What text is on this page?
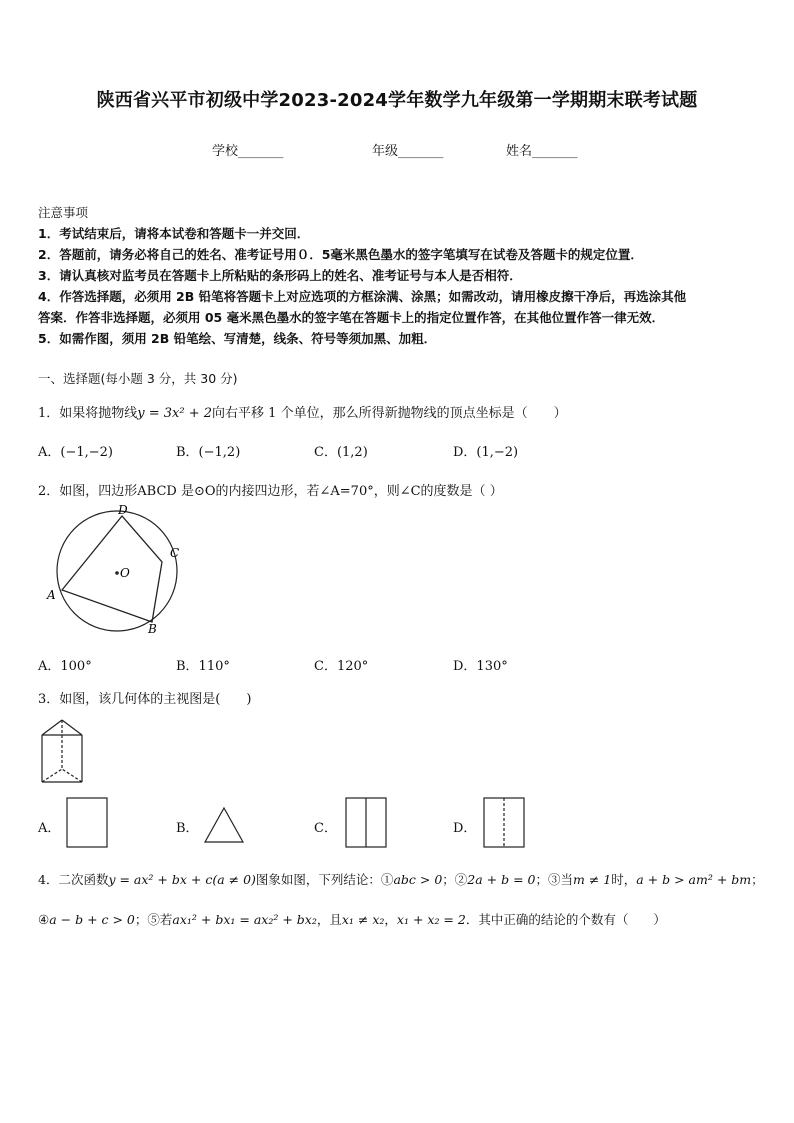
陕西省兴平市初级中学2023-2024学年数学九年级第一学期期末联考试题
学校_______	年级_______	姓名_______
注意事项
1．考试结束后，请将本试卷和答题卡一并交回．
2．答题前，请务必将自己的姓名、准考证号用０．5毫米黑色墨水的签字笔填写在试卷及答题卡的规定位置．
3．请认真核对监考员在答题卡上所粘贴的条形码上的姓名、准考证号与本人是否相符．
4．作答选择题，必须用 2B 铅笔将答题卡上对应选项的方框涂满、涂黑；如需改动，请用橡皮擦干净后，再选涂其他
答案．作答非选择题，必须用 05 毫米黑色墨水的签字笔在答题卡上的指定位置作答，在其他位置作答一律无效．
5．如需作图，须用 2B 铅笔绘、写清楚，线条、符号等须加黑、加粗．
一、选择题(每小题 3 分，共 30 分)
1．如果将抛物线y = 3x² + 2向右平移 1 个单位，那么所得新抛物线的顶点坐标是（　　）
A．(−1,−2)	B．(−1,2)	C．(1,2)	D．(1,−2)
2．如图，四边形ABCD 是⊙O的内接四边形，若∠A=70°，则∠C的度数是（ ）
O
A
B
C
D
A．100°	B．110°	C．120°	D．130°
3．如图，该几何体的主视图是(　　)
A．	B．	C．	D．
4．二次函数y = ax² + bx + c(a ≠ 0)图象如图，下列结论：①abc > 0；②2a + b = 0；③当m ≠ 1时，a + b > am² + bm；
④a − b + c > 0；⑤若ax₁² + bx₁ = ax₂² + bx₂，且x₁ ≠ x₂，x₁ + x₂ = 2．其中正确的结论的个数有（　　）
